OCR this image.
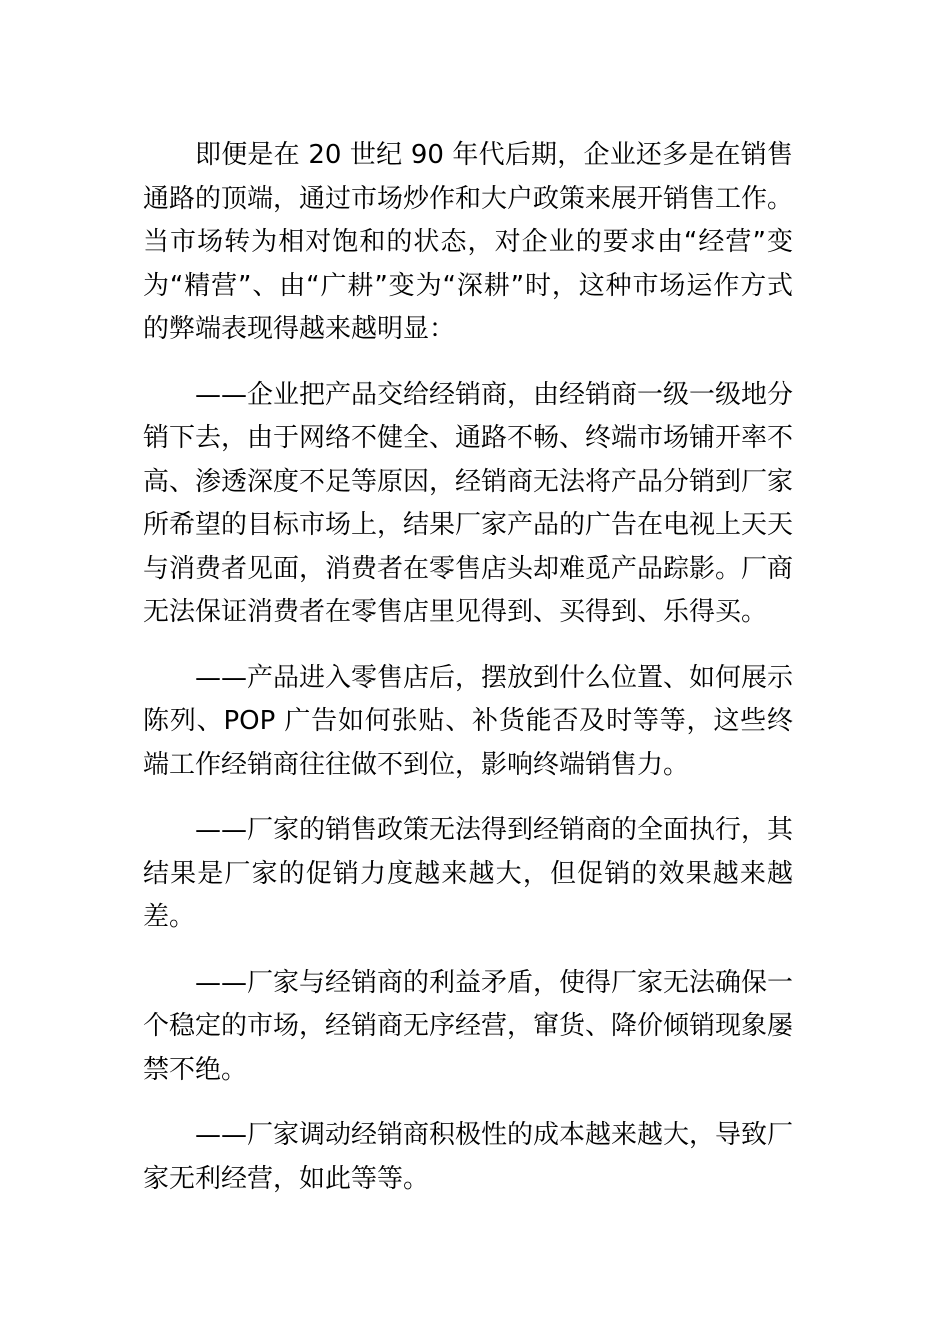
即便是在 20 世纪 90 年代后期，企业还多是在销售通路的顶端，通过市场炒作和大户政策来展开销售工作。当市场转为相对饱和的状态，对企业的要求由“经营”变为“精营”、由“广耕”变为“深耕”时，这种市场运作方式的弊端表现得越来越明显：

——企业把产品交给经销商，由经销商一级一级地分销下去，由于网络不健全、通路不畅、终端市场铺开率不高、渗透深度不足等原因，经销商无法将产品分销到厂家所希望的目标市场上，结果厂家产品的广告在电视上天天与消费者见面，消费者在零售店头却难觅产品踪影。厂商无法保证消费者在零售店里见得到、买得到、乐得买。

——产品进入零售店后，摆放到什么位置、如何展示陈列、POP 广告如何张贴、补货能否及时等等，这些终端工作经销商往往做不到位，影响终端销售力。

——厂家的销售政策无法得到经销商的全面执行，其结果是厂家的促销力度越来越大，但促销的效果越来越差。

——厂家与经销商的利益矛盾，使得厂家无法确保一个稳定的市场，经销商无序经营，窜货、降价倾销现象屡禁不绝。

——厂家调动经销商积极性的成本越来越大，导致厂家无利经营，如此等等。
